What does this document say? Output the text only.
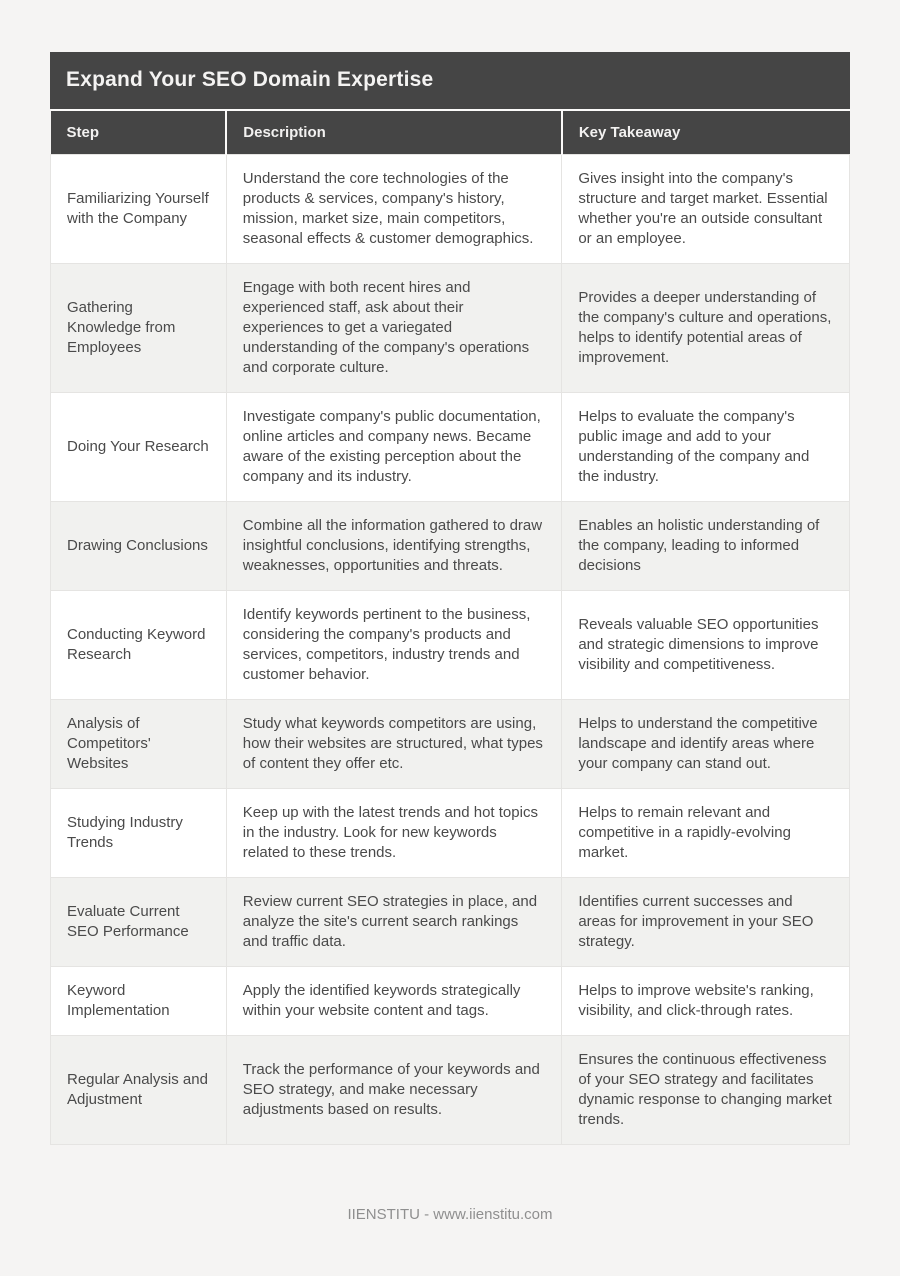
Expand Your SEO Domain Expertise
Step	Description	Key Takeaway
Familiarizing Yourself with the Company	Understand the core technologies of the products & services, company's history, mission, market size, main competitors, seasonal effects & customer demographics.	Gives insight into the company's structure and target market. Essential whether you're an outside consultant or an employee.
Gathering Knowledge from Employees	Engage with both recent hires and experienced staff, ask about their experiences to get a variegated understanding of the company's operations and corporate culture.	Provides a deeper understanding of the company's culture and operations, helps to identify potential areas of improvement.
Doing Your Research	Investigate company's public documentation, online articles and company news. Became aware of the existing perception about the company and its industry.	Helps to evaluate the company's public image and add to your understanding of the company and the industry.
Drawing Conclusions	Combine all the information gathered to draw insightful conclusions, identifying strengths, weaknesses, opportunities and threats.	Enables an holistic understanding of the company, leading to informed decisions
Conducting Keyword Research	Identify keywords pertinent to the business, considering the company's products and services, competitors, industry trends and customer behavior.	Reveals valuable SEO opportunities and strategic dimensions to improve visibility and competitiveness.
Analysis of Competitors' Websites	Study what keywords competitors are using, how their websites are structured, what types of content they offer etc.	Helps to understand the competitive landscape and identify areas where your company can stand out.
Studying Industry Trends	Keep up with the latest trends and hot topics in the industry. Look for new keywords related to these trends.	Helps to remain relevant and competitive in a rapidly-evolving market.
Evaluate Current SEO Performance	Review current SEO strategies in place, and analyze the site's current search rankings and traffic data.	Identifies current successes and areas for improvement in your SEO strategy.
Keyword Implementation	Apply the identified keywords strategically within your website content and tags.	Helps to improve website's ranking, visibility, and click-through rates.
Regular Analysis and Adjustment	Track the performance of your keywords and SEO strategy, and make necessary adjustments based on results.	Ensures the continuous effectiveness of your SEO strategy and facilitates dynamic response to changing market trends.
IIENSTITU - www.iienstitu.com
